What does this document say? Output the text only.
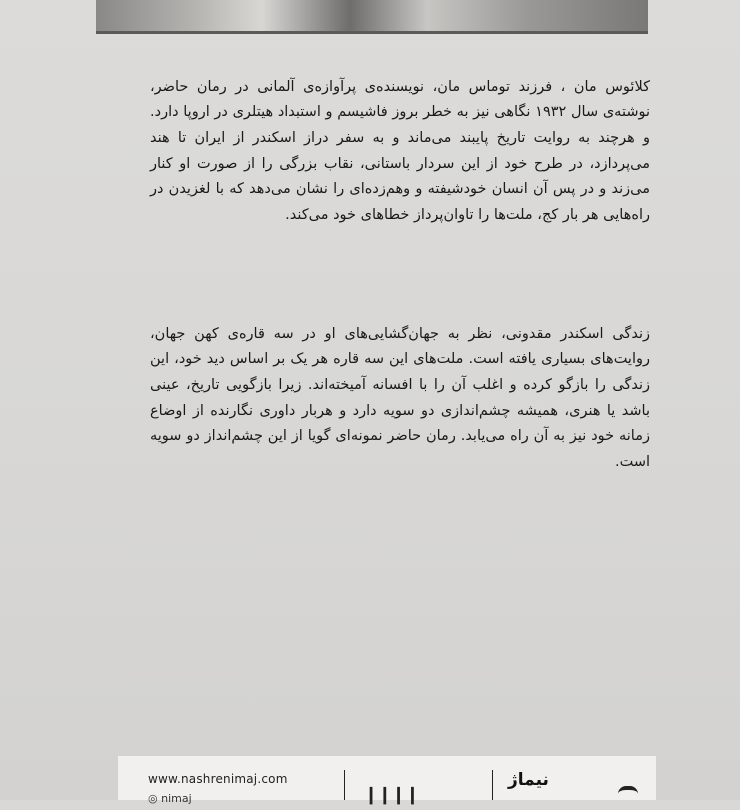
کلائوس مان ، فرزند توماس مان، نویسنده‌ی پرآوازه‌ی آلمانی در رمان حاضر، نوشته‌ی سال ۱۹۳۲ نگاهی نیز به خطر بروز فاشیسم و استبداد هیتلری در اروپا دارد. و هرچند به روایت تاریخ پایبند می‌ماند و به سفر دراز اسکندر از ایران تا هند می‌پردازد، در طرح خود از این سردار باستانی، نقاب بزرگی را از صورت او کنار می‌زند و در پس آن انسان خودشیفته و وهم‌زده‌ای را نشان می‌دهد که با لغزیدن در راه‌هایی هر بار کج، ملت‌ها را تاوان‌پرداز خطاهای خود می‌کند.

زندگی اسکندر مقدونی، نظر به جهان‌گشایی‌های او در سه قاره‌ی کهن جهان، روایت‌های بسیاری یافته است. ملت‌های این سه قاره هر یک بر اساس دید خود، این زندگی را بازگو کرده و اغلب آن را با افسانه آمیخته‌اند. زیرا بازگویی تاریخ، عینی باشد یا هنری، همیشه چشم‌اندازی دو سویه دارد و هربار داوری نگارنده از اوضاع زمانه خود نیز به آن راه می‌یابد. رمان حاضر نمونه‌ای گویا از این چشم‌انداز دو سویه است.

www.nashrenimaj.com
◎ nimaj	ا ا ا ا
نیماژ
